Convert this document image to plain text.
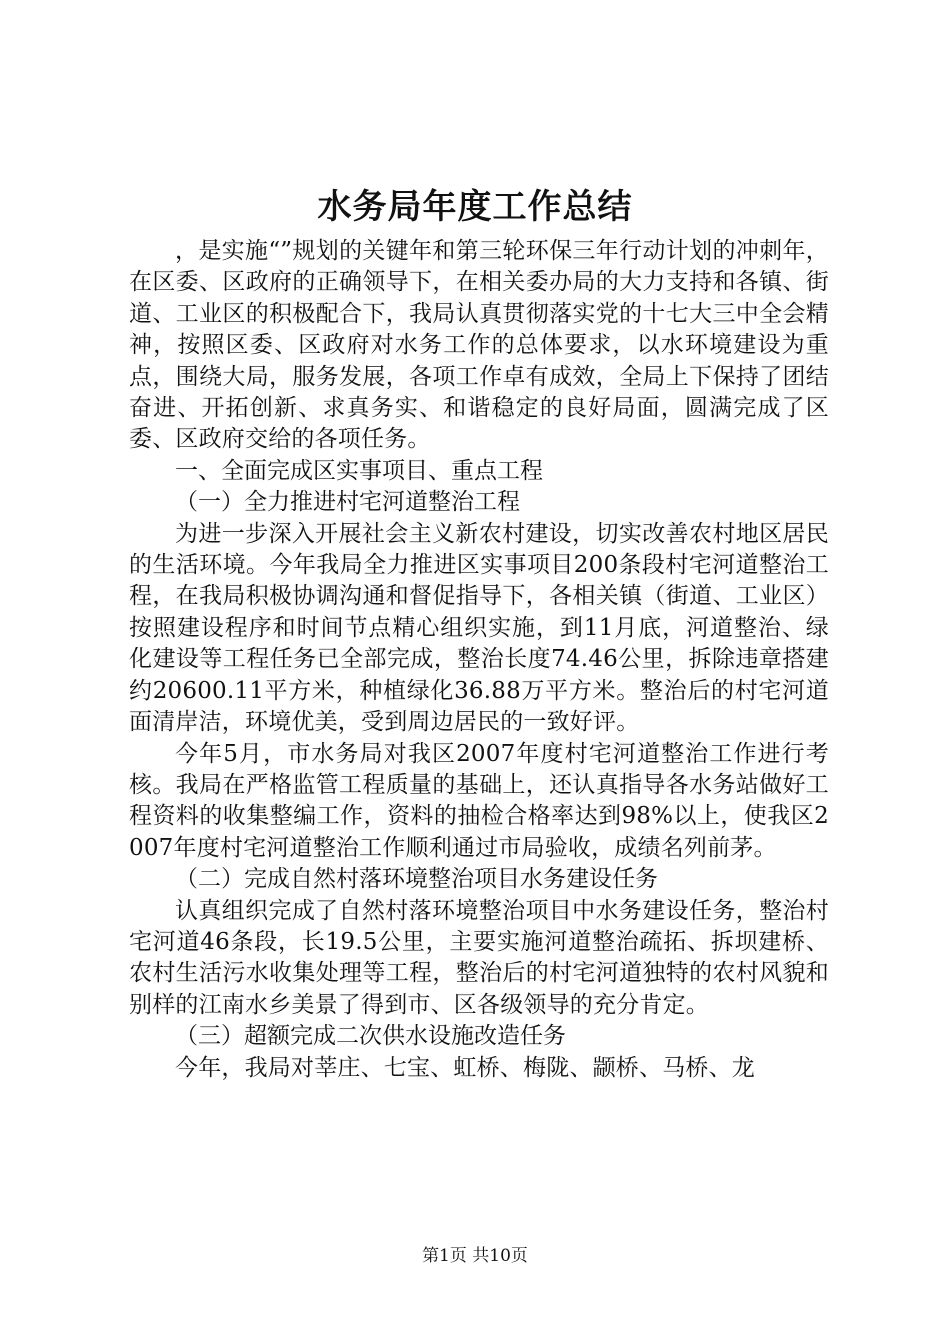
水务局年度工作总结

，是实施“”规划的关键年和第三轮环保三年行动计划的冲刺年，在区委、区政府的正确领导下，在相关委办局的大力支持和各镇、街道、工业区的积极配合下，我局认真贯彻落实党的十七大三中全会精神，按照区委、区政府对水务工作的总体要求，以水环境建设为重点，围绕大局，服务发展，各项工作卓有成效，全局上下保持了团结奋进、开拓创新、求真务实、和谐稳定的良好局面，圆满完成了区委、区政府交给的各项任务。

一、全面完成区实事项目、重点工程

（一）全力推进村宅河道整治工程

为进一步深入开展社会主义新农村建设，切实改善农村地区居民的生活环境。今年我局全力推进区实事项目200条段村宅河道整治工程，在我局积极协调沟通和督促指导下，各相关镇（街道、工业区）按照建设程序和时间节点精心组织实施，到11月底，河道整治、绿化建设等工程任务已全部完成，整治长度74.46公里，拆除违章搭建约20600.11平方米，种植绿化36.88万平方米。整治后的村宅河道面清岸洁，环境优美，受到周边居民的一致好评。

今年5月，市水务局对我区2007年度村宅河道整治工作进行考核。我局在严格监管工程质量的基础上，还认真指导各水务站做好工程资料的收集整编工作，资料的抽检合格率达到98%以上，使我区2007年度村宅河道整治工作顺利通过市局验收，成绩名列前茅。

（二）完成自然村落环境整治项目水务建设任务

认真组织完成了自然村落环境整治项目中水务建设任务，整治村宅河道46条段，长19.5公里，主要实施河道整治疏拓、拆坝建桥、农村生活污水收集处理等工程，整治后的村宅河道独特的农村风貌和别样的江南水乡美景了得到市、区各级领导的充分肯定。

（三）超额完成二次供水设施改造任务

今年，我局对莘庄、七宝、虹桥、梅陇、颛桥、马桥、龙

第1页 共10页
